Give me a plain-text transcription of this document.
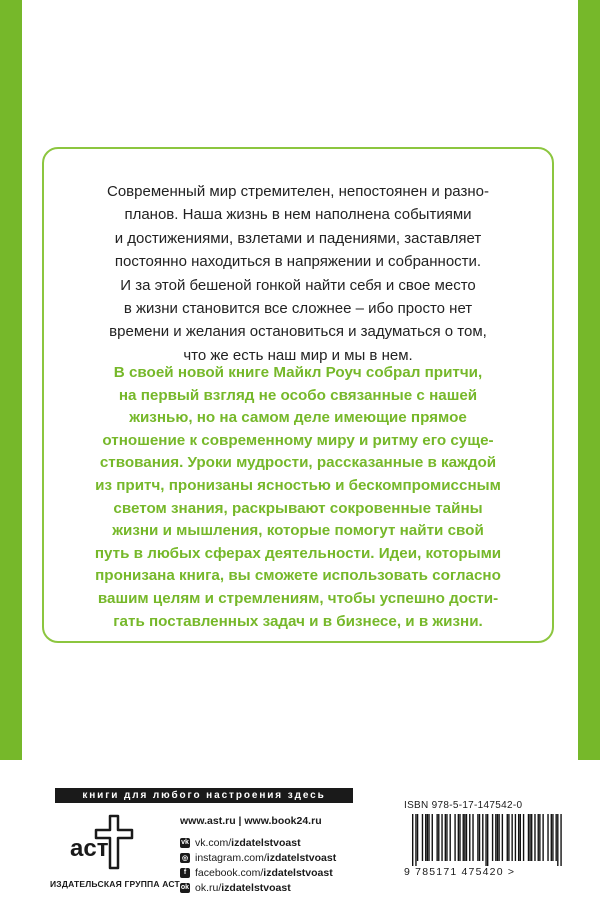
Современный мир стремителен, непостоянен и разно-
планов. Наша жизнь в нем наполнена событиями
и достижениями, взлетами и падениями, заставляет
постоянно находиться в напряжении и собранности.
И за этой бешеной гонкой найти себя и свое место
в жизни становится все сложнее – ибо просто нет
времени и желания остановиться и задуматься о том,
что же есть наш мир и мы в нем.
В своей новой книге Майкл Роуч собрал притчи,
на первый взгляд не особо связанные с нашей
жизнью, но на самом деле имеющие прямое
отношение к современному миру и ритму его суще-
ствования. Уроки мудрости, рассказанные в каждой
из притч, пронизаны ясностью и бескомпромиссным
светом знания, раскрывают сокровенные тайны
жизни и мышления, которые помогут найти свой
путь в любых сферах деятельности. Идеи, которыми
пронизана книга, вы сможете использовать согласно
вашим целям и стремлениям, чтобы успешно дости-
гать поставленных задач и в бизнесе, и в жизни.
книги для любого настроения здесь
аст
ИЗДАТЕЛЬСКАЯ ГРУППА АСТ
www.ast.ru | www.book24.ru
vk vk.com/ izdatelstvoast
◎ instagram.com/ izdatelstvoast
f facebook.com/ izdatelstvoast
ok ok.ru/ izdatelstvoast
ISBN 978-5-17-147542-0
9 785171 475420 >
